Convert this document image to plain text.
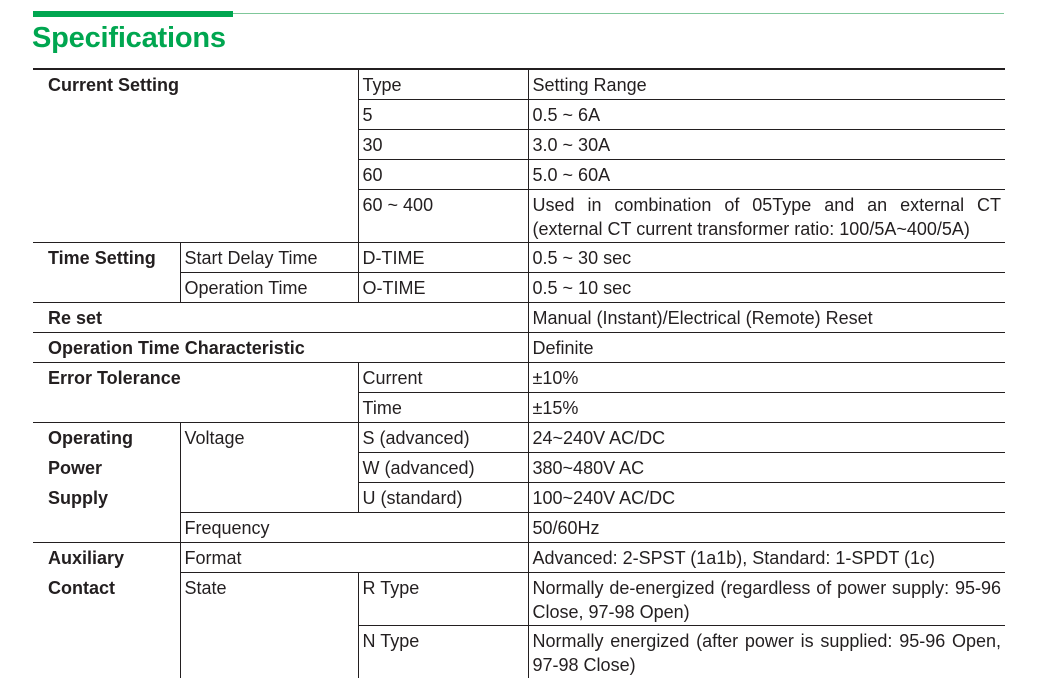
Specifications
Current Setting		Type	Setting Range
		5	0.5 ~ 6A
		30	3.0 ~ 30A
		60	5.0 ~ 60A
		60 ~ 400	Used in combination of 05Type and an external CT (external CT current transformer ratio: 100/5A~400/5A)
Time Setting	Start Delay Time	D-TIME	0.5 ~ 30 sec
	Operation Time	O-TIME	0.5 ~ 10 sec
Re set			Manual (Instant)/Electrical (Remote) Reset
Operation Time Characteristic			Definite
Error Tolerance		Current	±10%
		Time	±15%
Operating	Voltage	S (advanced)	24~240V AC/DC
Power		W (advanced)	380~480V AC
Supply		U (standard)	100~240V AC/DC
	Frequency		50/60Hz
Auxiliary	Format		Advanced: 2-SPST (1a1b), Standard: 1-SPDT (1c)
Contact	State	R Type	Normally de-energized (regardless of power supply: 95-96 Close, 97-98 Open)
		N Type	Normally energized (after power is supplied: 95-96 Open, 97-98 Close)
